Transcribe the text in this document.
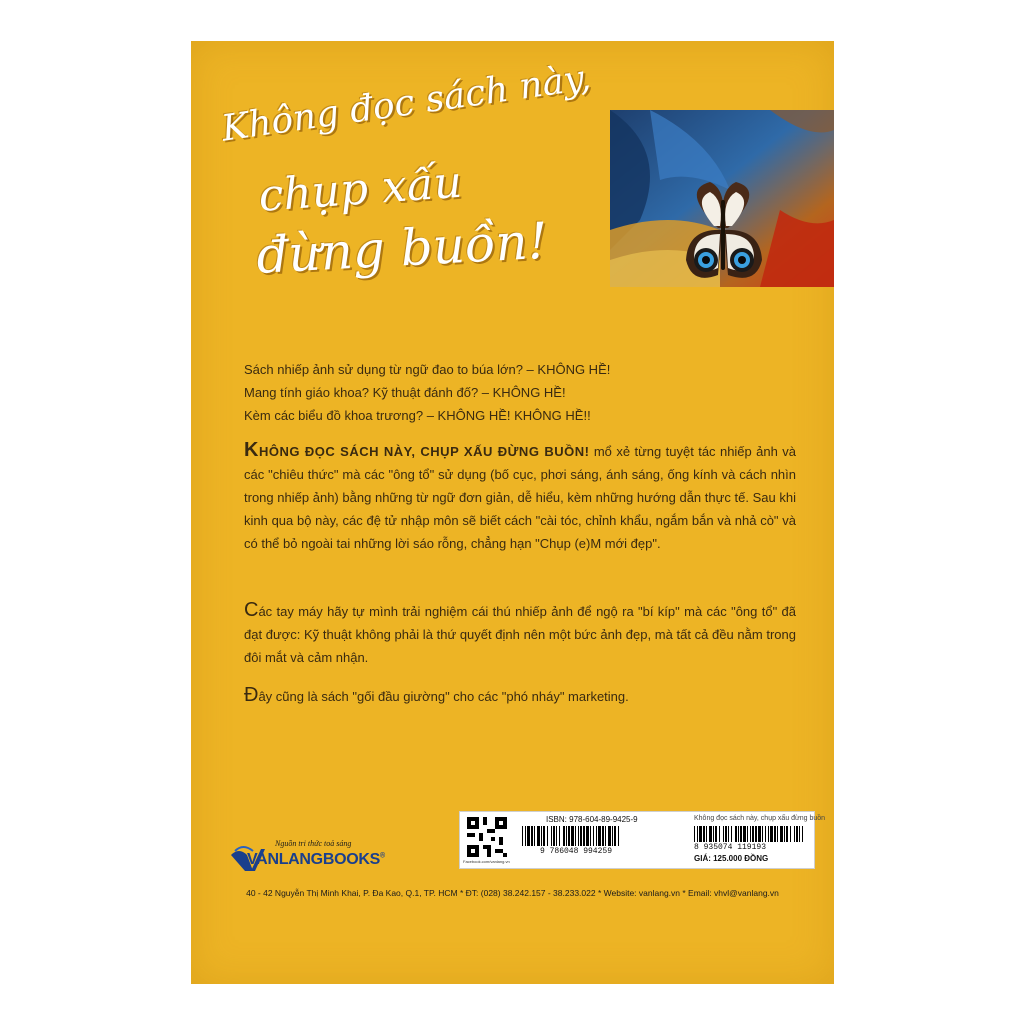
Không đọc sách này,
chụp xấu
đừng buồn!

Sách nhiếp ảnh sử dụng từ ngữ đao to búa lớn? – KHÔNG HỀ!

Mang tính giáo khoa? Kỹ thuật đánh đố? – KHÔNG HỀ!

Kèm các biểu đồ khoa trương? – KHÔNG HỀ! KHÔNG HỀ!!

KHÔNG ĐỌC SÁCH NÀY, CHỤP XẤU ĐỪNG BUỒN! mổ xẻ từng tuyệt tác nhiếp ảnh và các "chiêu thức" mà các "ông tổ" sử dụng (bố cục, phơi sáng, ánh sáng, ống kính và cách nhìn trong nhiếp ảnh) bằng những từ ngữ đơn giản, dễ hiểu, kèm những hướng dẫn thực tế. Sau khi kinh qua bộ này, các đệ tử nhập môn sẽ biết cách "cài tóc, chỉnh khẩu, ngắm bắn và nhả cò" và có thể bỏ ngoài tai những lời sáo rỗng, chẳng hạn "Chụp (e)M mới đẹp".

Các tay máy hãy tự mình trải nghiệm cái thú nhiếp ảnh để ngộ ra "bí kíp" mà các "ông tổ" đã đạt được: Kỹ thuật không phải là thứ quyết định nên một bức ảnh đẹp, mà tất cả đều nằm trong đôi mắt và cảm nhận.

Đây cũng là sách "gối đầu giường" cho các "phó nháy" marketing.

Nguồn tri thức toả sáng
VANLANGBOOKS®
Facebook.com/vanlang.vn
ISBN: 978-604-89-9425-9	Không đọc sách này, chụp xấu đừng buồn
9 786048 994259	8 935074 119193
GIÁ: 125.000 ĐỒNG
40 - 42 Nguyễn Thị Minh Khai, P. Đa Kao, Q.1, TP. HCM * ĐT: (028) 38.242.157 - 38.233.022 * Website: vanlang.vn * Email: vhvl@vanlang.vn
